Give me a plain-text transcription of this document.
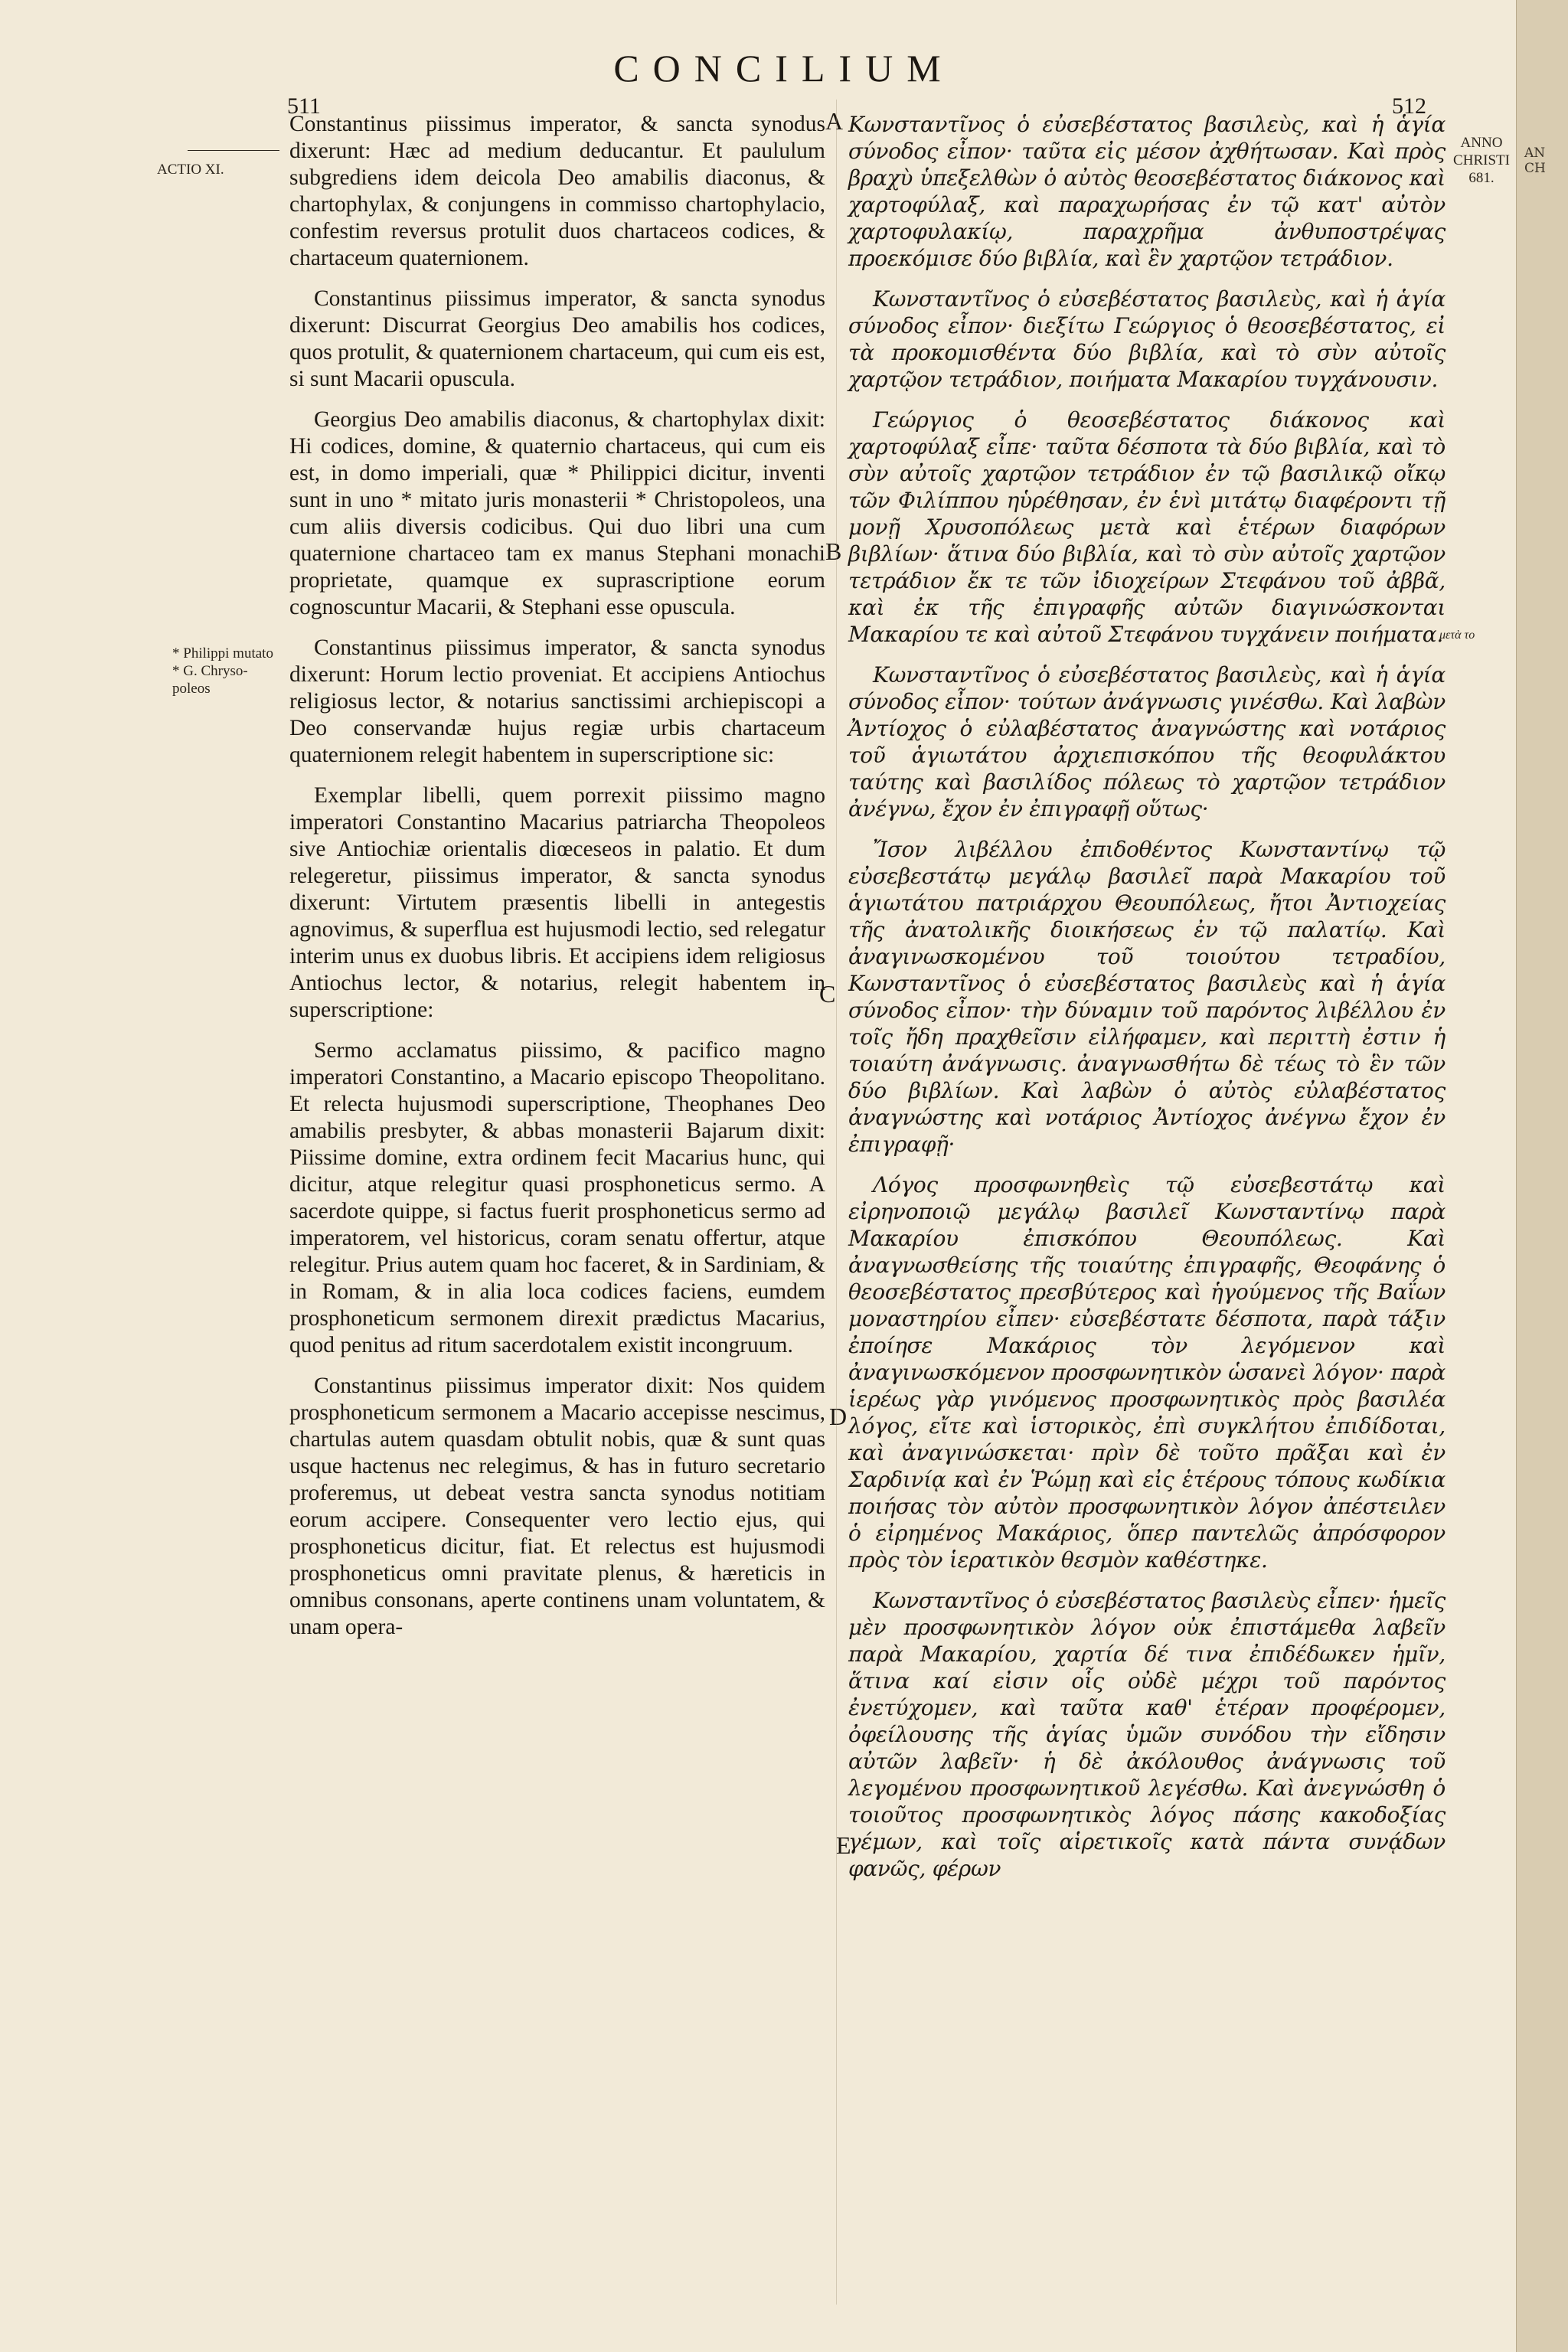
CONCILIUM
511	512
ACTIO XI.
* Philippi mutato * G. Chryso- poleos
ANNO CHRISTI 681.
μετὰ το
A
B
C
D
E

Constantinus piissimus imperator, & sancta synodus dixerunt: Hæc ad medium deducantur. Et paululum subgrediens idem deicola Deo amabilis diaconus, & chartophylax, & conjungens in commisso chartophylacio, confestim reversus protulit duos chartaceos codices, & chartaceum quaternionem.

Constantinus piissimus imperator, & sancta synodus dixerunt: Discurrat Georgius Deo amabilis hos codices, quos protulit, & quaternionem chartaceum, qui cum eis est, si sunt Macarii opuscula.

Georgius Deo amabilis diaconus, & chartophylax dixit: Hi codices, domine, & quaternio chartaceus, qui cum eis est, in domo imperiali, quæ * Philippici dicitur, inventi sunt in uno * mitato juris monasterii * Christopoleos, una cum aliis diversis codicibus. Qui duo libri una cum quaternione chartaceo tam ex manus Stephani monachi proprietate, quamque ex suprascriptione eorum cognoscuntur Macarii, & Stephani esse opuscula.

Constantinus piissimus imperator, & sancta synodus dixerunt: Horum lectio proveniat. Et accipiens Antiochus religiosus lector, & notarius sanctissimi archiepiscopi a Deo conservandæ hujus regiæ urbis chartaceum quaternionem relegit habentem in superscriptione sic:

Exemplar libelli, quem porrexit piissimo magno imperatori Constantino Macarius patriarcha Theopoleos sive Antiochiæ orientalis diœceseos in palatio. Et dum relegeretur, piissimus imperator, & sancta synodus dixerunt: Virtutem præsentis libelli in antegestis agnovimus, & superflua est hujusmodi lectio, sed relegatur interim unus ex duobus libris. Et accipiens idem religiosus Antiochus lector, & notarius, relegit habentem in superscriptione:

Sermo acclamatus piissimo, & pacifico magno imperatori Constantino, a Macario episcopo Theopolitano. Et relecta hujusmodi superscriptione, Theophanes Deo amabilis presbyter, & abbas monasterii Bajarum dixit: Piissime domine, extra ordinem fecit Macarius hunc, qui dicitur, atque relegitur quasi prosphoneticus sermo. A sacerdote quippe, si factus fuerit prosphoneticus sermo ad imperatorem, vel historicus, coram senatu offertur, atque relegitur. Prius autem quam hoc faceret, & in Sardiniam, & in Romam, & in alia loca codices faciens, eumdem prosphoneticum sermonem direxit prædictus Macarius, quod penitus ad ritum sacerdotalem existit incongruum.

Constantinus piissimus imperator dixit: Nos quidem prosphoneticum sermonem a Macario accepisse nescimus, chartulas autem quasdam obtulit nobis, quæ & sunt quas usque hactenus nec relegimus, & has in futuro secretario proferemus, ut debeat vestra sancta synodus notitiam eorum accipere. Consequenter vero lectio ejus, qui prosphoneticus dicitur, fiat. Et relectus est hujusmodi prosphoneticus omni pravitate plenus, & hæreticis in omnibus consonans, aperte continens unam voluntatem, & unam opera-

Κωνσταντῖνος ὁ εὐσεβέστατος βασιλεὺς, καὶ ἡ ἁγία σύνοδος εἶπον· ταῦτα εἰς μέσον ἀχθήτωσαν. Καὶ πρὸς βραχὺ ὑπεξελθὼν ὁ αὐτὸς θεοσεβέστατος διάκονος καὶ χαρτοφύλαξ, καὶ παραχωρήσας ἐν τῷ κατ' αὐτὸν χαρτοφυλακίῳ, παραχρῆμα ἀνθυποστρέψας προεκόμισε δύο βιβλία, καὶ ἓν χαρτῷον τετράδιον.

Κωνσταντῖνος ὁ εὐσεβέστατος βασιλεὺς, καὶ ἡ ἁγία σύνοδος εἶπον· διεξίτω Γεώργιος ὁ θεοσεβέστατος, εἰ τὰ προκομισθέντα δύο βιβλία, καὶ τὸ σὺν αὐτοῖς χαρτῷον τετράδιον, ποιήματα Μακαρίου τυγχάνουσιν.

Γεώργιος ὁ θεοσεβέστατος διάκονος καὶ χαρτοφύλαξ εἶπε· ταῦτα δέσποτα τὰ δύο βιβλία, καὶ τὸ σὺν αὐτοῖς χαρτῷον τετράδιον ἐν τῷ βασιλικῷ οἴκῳ τῶν Φιλίππου ηὑρέθησαν, ἐν ἑνὶ μιτάτῳ διαφέροντι τῇ μονῇ Χρυσοπόλεως μετὰ καὶ ἑτέρων διαφόρων βιβλίων· ἅτινα δύο βιβλία, καὶ τὸ σὺν αὐτοῖς χαρτῷον τετράδιον ἔκ τε τῶν ἰδιοχείρων Στεφάνου τοῦ ἀββᾶ, καὶ ἐκ τῆς ἐπιγραφῆς αὐτῶν διαγινώσκονται Μακαρίου τε καὶ αὐτοῦ Στεφάνου τυγχάνειν ποιήματα.

Κωνσταντῖνος ὁ εὐσεβέστατος βασιλεὺς, καὶ ἡ ἁγία σύνοδος εἶπον· τούτων ἀνάγνωσις γινέσθω. Καὶ λαβὼν Ἀντίοχος ὁ εὐλαβέστατος ἀναγνώστης καὶ νοτάριος τοῦ ἁγιωτάτου ἀρχιεπισκόπου τῆς θεοφυλάκτου ταύτης καὶ βασιλίδος πόλεως τὸ χαρτῷον τετράδιον ἀνέγνω, ἔχον ἐν ἐπιγραφῇ οὕτως·

Ἴσον λιβέλλου ἐπιδοθέντος Κωνσταντίνῳ τῷ εὐσεβεστάτῳ μεγάλῳ βασιλεῖ παρὰ Μακαρίου τοῦ ἁγιωτάτου πατριάρχου Θεουπόλεως, ἤτοι Ἀντιοχείας τῆς ἀνατολικῆς διοικήσεως ἐν τῷ παλατίῳ. Καὶ ἀναγινωσκομένου τοῦ τοιούτου τετραδίου, Κωνσταντῖνος ὁ εὐσεβέστατος βασιλεὺς καὶ ἡ ἁγία σύνοδος εἶπον· τὴν δύναμιν τοῦ παρόντος λιβέλλου ἐν τοῖς ἤδη πραχθεῖσιν εἰλήφαμεν, καὶ περιττὴ ἐστιν ἡ τοιαύτη ἀνάγνωσις. ἀναγνωσθήτω δὲ τέως τὸ ἓν τῶν δύο βιβλίων. Καὶ λαβὼν ὁ αὐτὸς εὐλαβέστατος ἀναγνώστης καὶ νοτάριος Ἀντίοχος ἀνέγνω ἔχον ἐν ἐπιγραφῇ·

Λόγος προσφωνηθεὶς τῷ εὐσεβεστάτῳ καὶ εἰρηνοποιῷ μεγάλῳ βασιλεῖ Κωνσταντίνῳ παρὰ Μακαρίου ἐπισκόπου Θεουπόλεως. Καὶ ἀναγνωσθείσης τῆς τοιαύτης ἐπιγραφῆς, Θεοφάνης ὁ θεοσεβέστατος πρεσβύτερος καὶ ἡγούμενος τῆς Βαΐων μοναστηρίου εἶπεν· εὐσεβέστατε δέσποτα, παρὰ τάξιν ἐποίησε Μακάριος τὸν λεγόμενον καὶ ἀναγινωσκόμενον προσφωνητικὸν ὡσανεὶ λόγον· παρὰ ἱερέως γὰρ γινόμενος προσφωνητικὸς πρὸς βασιλέα λόγος, εἴτε καὶ ἱστορικὸς, ἐπὶ συγκλήτου ἐπιδίδοται, καὶ ἀναγινώσκεται· πρὶν δὲ τοῦτο πρᾶξαι καὶ ἐν Σαρδινίᾳ καὶ ἐν Ῥώμῃ καὶ εἰς ἑτέρους τόπους κωδίκια ποιήσας τὸν αὐτὸν προσφωνητικὸν λόγον ἀπέστειλεν ὁ εἰρημένος Μακάριος, ὅπερ παντελῶς ἀπρόσφορον πρὸς τὸν ἱερατικὸν θεσμὸν καθέστηκε.

Κωνσταντῖνος ὁ εὐσεβέστατος βασιλεὺς εἶπεν· ἡμεῖς μὲν προσφωνητικὸν λόγον οὐκ ἐπιστάμεθα λαβεῖν παρὰ Μακαρίου, χαρτία δέ τινα ἐπιδέδωκεν ἡμῖν, ἅτινα καί εἰσιν οἷς οὐδὲ μέχρι τοῦ παρόντος ἐνετύχομεν, καὶ ταῦτα καθ' ἑτέραν προφέρομεν, ὀφείλουσης τῆς ἁγίας ὑμῶν συνόδου τὴν εἴδησιν αὐτῶν λαβεῖν· ἡ δὲ ἀκόλουθος ἀνάγνωσις τοῦ λεγομένου προσφωνητικοῦ λεγέσθω. Καὶ ἀνεγνώσθη ὁ τοιοῦτος προσφωνητικὸς λόγος πάσης κακοδοξίας γέμων, καὶ τοῖς αἱρετικοῖς κατὰ πάντα συνᾴδων φανῶς, φέρων

AN CH
